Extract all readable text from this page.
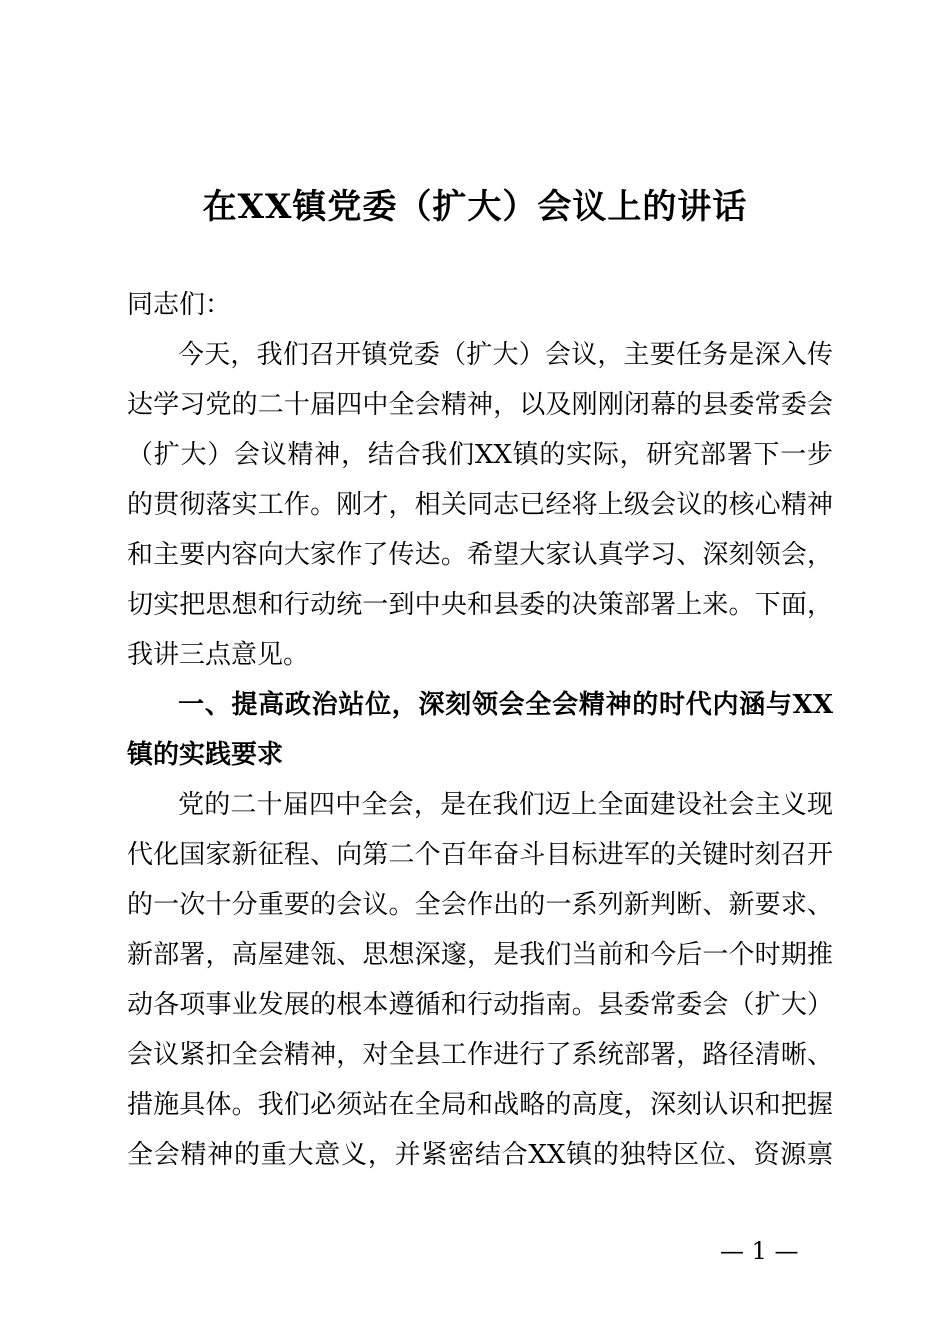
在XX镇党委（扩大）会议上的讲话
同志们：
今天，我们召开镇党委（扩大）会议，主要任务是深入传
达学习党的二十届四中全会精神，以及刚刚闭幕的县委常委会
（扩大）会议精神，结合我们XX镇的实际，研究部署下一步
的贯彻落实工作。刚才，相关同志已经将上级会议的核心精神
和主要内容向大家作了传达。希望大家认真学习、深刻领会，
切实把思想和行动统一到中央和县委的决策部署上来。下面，
我讲三点意见。
一、提高政治站位，深刻领会全会精神的时代内涵与XX
镇的实践要求
党的二十届四中全会，是在我们迈上全面建设社会主义现
代化国家新征程、向第二个百年奋斗目标进军的关键时刻召开
的一次十分重要的会议。全会作出的一系列新判断、新要求、
新部署，高屋建瓴、思想深邃，是我们当前和今后一个时期推
动各项事业发展的根本遵循和行动指南。县委常委会（扩大）
会议紧扣全会精神，对全县工作进行了系统部署，路径清晰、
措施具体。我们必须站在全局和战略的高度，深刻认识和把握
全会精神的重大意义，并紧密结合XX镇的独特区位、资源禀
— 1 —
